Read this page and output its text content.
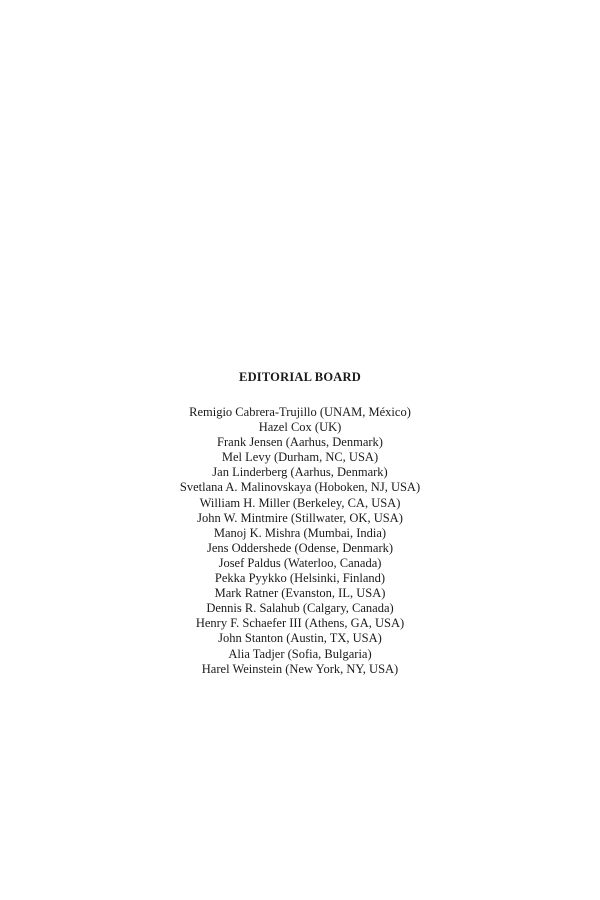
EDITORIAL BOARD
Remigio Cabrera-Trujillo (UNAM, México)
Hazel Cox (UK)
Frank Jensen (Aarhus, Denmark)
Mel Levy (Durham, NC, USA)
Jan Linderberg (Aarhus, Denmark)
Svetlana A. Malinovskaya (Hoboken, NJ, USA)
William H. Miller (Berkeley, CA, USA)
John W. Mintmire (Stillwater, OK, USA)
Manoj K. Mishra (Mumbai, India)
Jens Oddershede (Odense, Denmark)
Josef Paldus (Waterloo, Canada)
Pekka Pyykko (Helsinki, Finland)
Mark Ratner (Evanston, IL, USA)
Dennis R. Salahub (Calgary, Canada)
Henry F. Schaefer III (Athens, GA, USA)
John Stanton (Austin, TX, USA)
Alia Tadjer (Sofia, Bulgaria)
Harel Weinstein (New York, NY, USA)
